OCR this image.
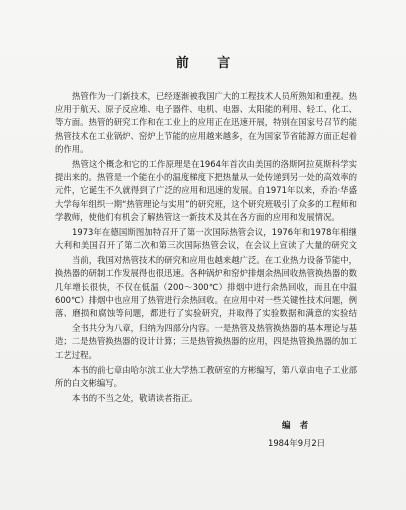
前 言
热管作为一门新技术，已经逐渐被我国广大的工程技术人员所熟知和重视。热
应用于航天、原子反应堆、电子器件、电机、电器、太阳能的利用、轻工、化工、
等方面。热管的研究工作和在工业上的应用正在迅速开展，特别在国家号召节约能
热管技术在工业锅炉、窑炉上节能的应用越来越多，在为国家节省能源方面正起着
的作用。
热管这个概念和它的工作原理是在1964年首次由美国的洛斯阿拉莫斯科学实
提出来的。热管是一个能在小的温度梯度下把热量从一处传递到另一处的高效率的
元件，它诞生不久就得到了广泛的应用和迅速的发展。自1971年以来，乔治·华盛
大学每年组织一期“热管理论与实用”的研究班，这个研究班吸引了众多的工程师和
学教师，使他们有机会了解热管这一新技术及其在各方面的应用和发展情况。
1973年在德国斯图加特召开了第一次国际热管会议，1976年和1978年相继
大利和美国召开了第二次和第三次国际热管会议，在会议上宣读了大量的研究文
当前，我国对热管技术的研究和应用也越来越广泛。在工业热力设备节能中，
换热器的研制工作发展得也很迅速。各种锅炉和窑炉排烟余热回收热管换热器的数
几年增长很快，不仅在低温（200～300℃）排烟中进行余热回收，而且在中温
600℃）排烟中也应用了热管进行余热回收。在应用中对一些关键性技术问题，例
落、磨损和腐蚀等问题，都进行了实验研究，并取得了实验数据和满意的实验结
全书共分为八章，归纳为四部分内容。一是热管及热管换热器的基本理论与基
造；二是热管换热器的设计计算；三是热管换热器的应用，四是热管换热器的加工
工艺过程。
本书的前七章由哈尔滨工业大学热工教研室的方彬编写，第八章由电子工业部
所的白文彬编写。
本书的不当之处，敬请读者指正。
编 者
1984年9月2日
